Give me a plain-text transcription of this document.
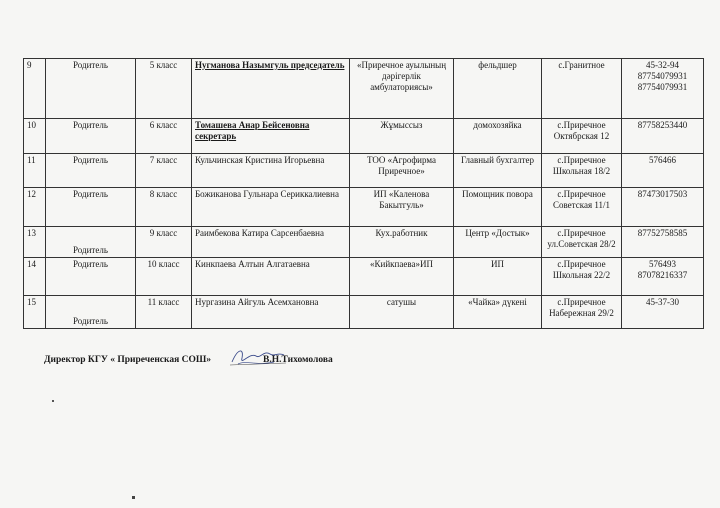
9	Родитель	5 класс	Нугманова Назымгуль председатель	«Приречное ауылының дәрігерлік амбулаториясы»	фельдшер	с.Гранитное	45-32-94 87754079931 87754079931
10	Родитель	6 класс	Томашева Анар Бейсеновна секретарь	Жұмыссыз	домохозяйка	с.Приречное Октябрская 12	87758253440
11	Родитель	7 класс	Кульчинская Кристина Игорьевна	ТОО «Агрофирма Приречное»	Главный бухгалтер	с.Приречное Школьная 18/2	576466
12	Родитель	8 класс	Божиканова Гульнара Сериккалиевна	ИП «Каленова Бакытгуль»	Помощник повора	с.Приречное Советская 11/1	87473017503
13	Родитель	9 класс	Раимбекова Катира Сарсенбаевна	Кух.работник	Центр «Достык»	с.Приречное ул.Советская 28/2	87752758585
14	Родитель	10 класс	Кинкпаева Алтын Алгатаевна	«Кийкпаева»ИП	ИП	с.Приречное Школьная 22/2	576493 87078216337
15	Родитель	11 класс	Нургазина Айгуль Асемхановна	сатушы	«Чайка» дүкені	с.Приречное Набережная 29/2	45-37-30
Директор КГУ « Приреченская СОШ»	В.Н.Тихомолова
